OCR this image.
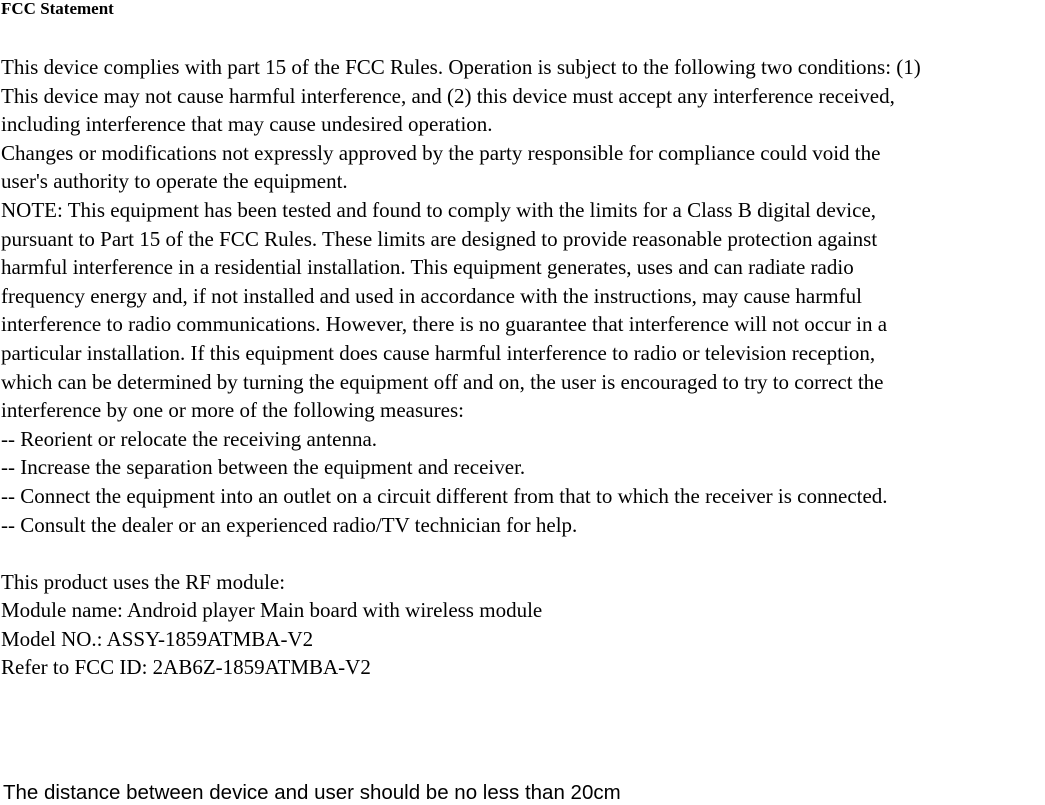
FCC Statement
This device complies with part 15 of the FCC Rules. Operation is subject to the following two conditions: (1)
This device may not cause harmful interference, and (2) this device must accept any interference received,
including interference that may cause undesired operation.
Changes or modifications not expressly approved by the party responsible for compliance could void the
user's authority to operate the equipment.
NOTE: This equipment has been tested and found to comply with the limits for a Class B digital device,
pursuant to Part 15 of the FCC Rules. These limits are designed to provide reasonable protection against
harmful interference in a residential installation. This equipment generates, uses and can radiate radio
frequency energy and, if not installed and used in accordance with the instructions, may cause harmful
interference to radio communications. However, there is no guarantee that interference will not occur in a
particular installation. If this equipment does cause harmful interference to radio or television reception,
which can be determined by turning the equipment off and on, the user is encouraged to try to correct the
interference by one or more of the following measures:
-- Reorient or relocate the receiving antenna.
-- Increase the separation between the equipment and receiver.
-- Connect the equipment into an outlet on a circuit different from that to which the receiver is connected.
-- Consult the dealer or an experienced radio/TV technician for help.
This product uses the RF module:
Module name: Android player Main board with wireless module
Model NO.: ASSY-1859ATMBA-V2
Refer to FCC ID: 2AB6Z-1859ATMBA-V2
The distance between device and user should be no less than 20cm
